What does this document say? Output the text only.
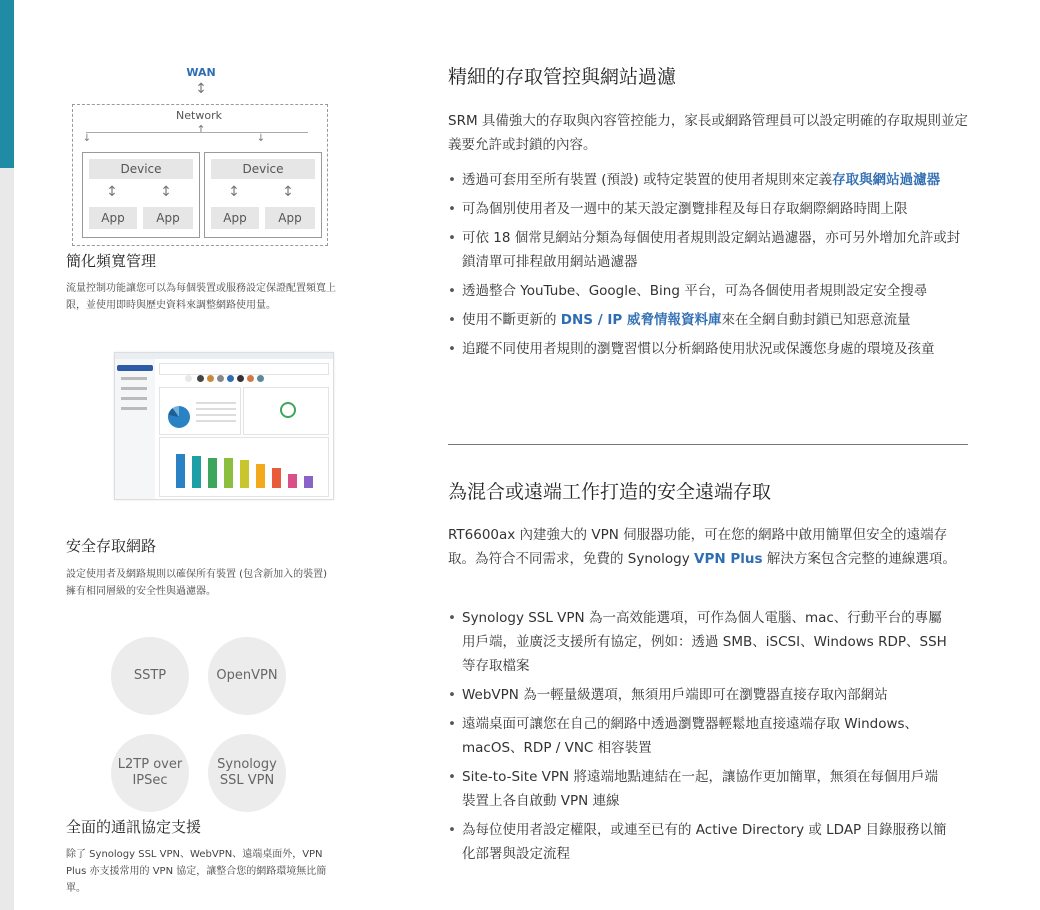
WAN
↕
Network
↑
↓	↓
Device
↕	↕
App	App
Device
↕	↕
App	App
簡化頻寬管理
流量控制功能讓您可以為每個裝置或服務設定保證配置頻寬上限，並使用即時與歷史資料來調整網路使用量。
安全存取網路
設定使用者及網路規則以確保所有裝置 (包含新加入的裝置) 擁有相同層級的安全性與過濾器。
SSTP	OpenVPN
L2TP over
IPSec
Synology
SSL VPN
全面的通訊協定支援
除了 Synology SSL VPN、WebVPN、遠端桌面外，VPN Plus 亦支援常用的 VPN 協定，讓整合您的網路環境無比簡單。
精細的存取管控與網站過濾
SRM 具備強大的存取與內容管控能力，家長或網路管理員可以設定明確的存取規則並定義要允許或封鎖的內容。
• 透過可套用至所有裝置 (預設) 或特定裝置的使用者規則來定義存取與網站過濾器
• 可為個別使用者及一週中的某天設定瀏覽排程及每日存取網際網路時間上限
• 可依 18 個常見網站分類為每個使用者規則設定網站過濾器，亦可另外增加允許或封鎖清單可排程啟用網站過濾器
• 透過整合 YouTube、Google、Bing 平台，可為各個使用者規則設定安全搜尋
• 使用不斷更新的 DNS / IP 威脅情報資料庫來在全網自動封鎖已知惡意流量
• 追蹤不同使用者規則的瀏覽習慣以分析網路使用狀況或保護您身處的環境及孩童
為混合或遠端工作打造的安全遠端存取
RT6600ax 內建強大的 VPN 伺服器功能，可在您的網路中啟用簡單但安全的遠端存取。為符合不同需求，免費的 Synology VPN Plus 解決方案包含完整的連線選項。
• Synology SSL VPN 為一高效能選項，可作為個人電腦、mac、行動平台的專屬用戶端，並廣泛支援所有協定，例如：透過 SMB、iSCSI、Windows RDP、SSH 等存取檔案
• WebVPN 為一輕量級選項，無須用戶端即可在瀏覽器直接存取內部網站
• 遠端桌面可讓您在自己的網路中透過瀏覽器輕鬆地直接遠端存取 Windows、macOS、RDP / VNC 相容裝置
• Site-to-Site VPN 將遠端地點連結在一起，讓協作更加簡單，無須在每個用戶端裝置上各自啟動 VPN 連線
• 為每位使用者設定權限，或連至已有的 Active Directory 或 LDAP 目錄服務以簡化部署與設定流程
